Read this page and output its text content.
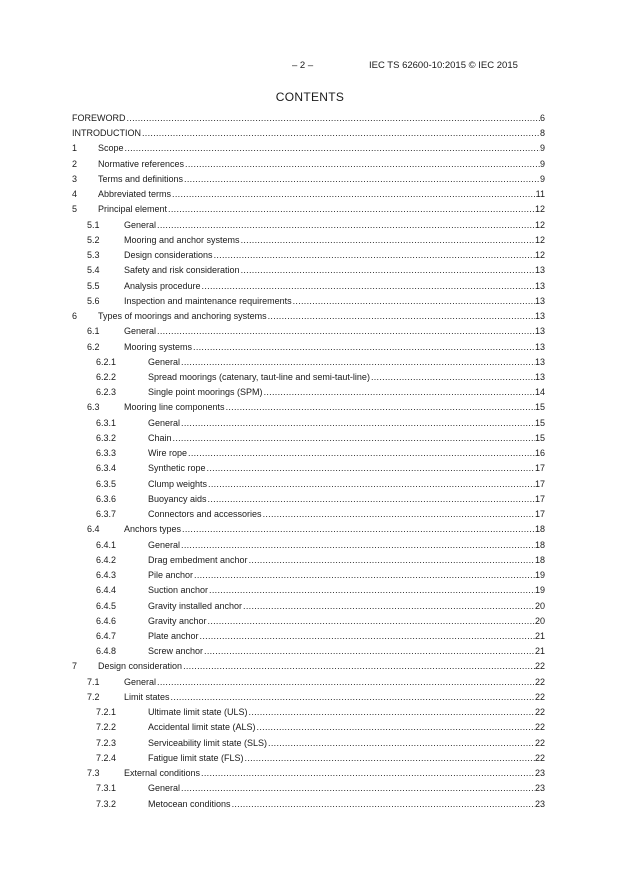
– 2 –	IEC TS 62600-10:2015 © IEC 2015
CONTENTS
FOREWORD .....	6
INTRODUCTION .....	8
1 Scope .....	9
2 Normative references .....	9
3 Terms and definitions .....	9
4 Abbreviated terms .....	11
5 Principal element .....	12
5.1	General .....	12
5.2	Mooring and anchor systems .....	12
5.3	Design considerations .....	12
5.4	Safety and risk consideration .....	13
5.5	Analysis procedure .....	13
5.6	Inspection and maintenance requirements .....	13
6 Types of moorings and anchoring systems .....	13
6.1	General .....	13
6.2	Mooring systems .....	13
6.2.1	General .....	13
6.2.2	Spread moorings (catenary, taut-line and semi-taut-line) .....	13
6.2.3	Single point moorings (SPM) .....	14
6.3	Mooring line components .....	15
6.3.1	General .....	15
6.3.2	Chain .....	15
6.3.3	Wire rope .....	16
6.3.4	Synthetic rope .....	17
6.3.5	Clump weights .....	17
6.3.6	Buoyancy aids .....	17
6.3.7	Connectors and accessories .....	17
6.4	Anchors types .....	18
6.4.1	General .....	18
6.4.2	Drag embedment anchor .....	18
6.4.3	Pile anchor .....	19
6.4.4	Suction anchor .....	19
6.4.5	Gravity installed anchor .....	20
6.4.6	Gravity anchor .....	20
6.4.7	Plate anchor .....	21
6.4.8	Screw anchor .....	21
7 Design consideration .....	22
7.1	General .....	22
7.2	Limit states .....	22
7.2.1	Ultimate limit state (ULS) .....	22
7.2.2	Accidental limit state (ALS) .....	22
7.2.3	Serviceability limit state (SLS) .....	22
7.2.4	Fatigue limit state (FLS) .....	22
7.3	External conditions .....	23
7.3.1	General .....	23
7.3.2	Metocean conditions .....	23
